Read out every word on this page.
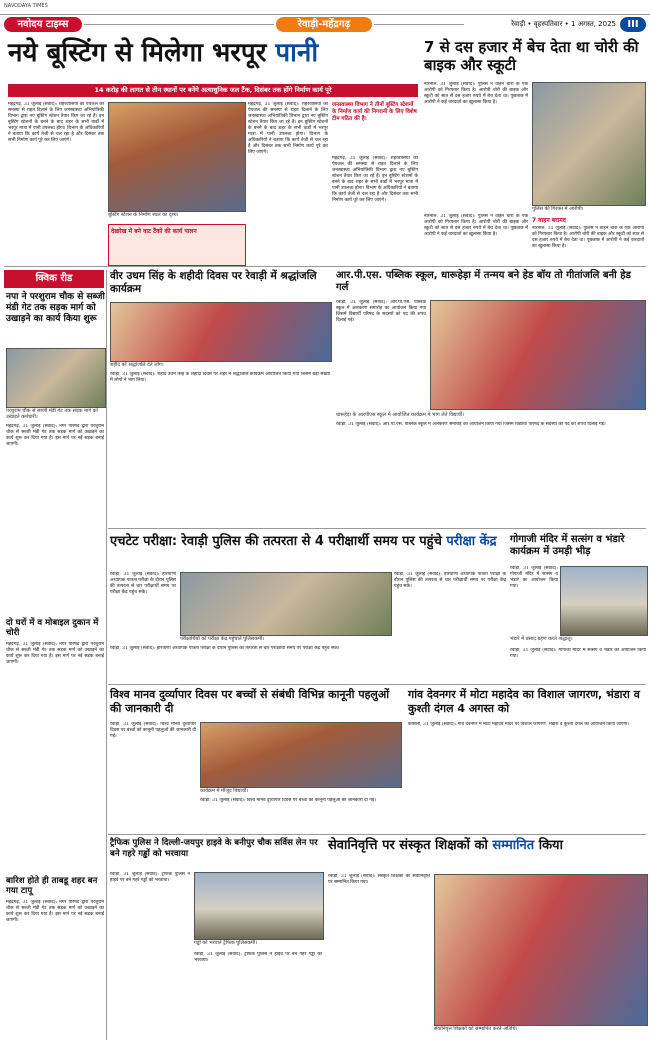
NAVODAYA TIMES
नवोदय टाइम्स	रेवाड़ी-महेंद्रगढ़	रेवाड़ी • वृहस्पतिवार • 1 अगस्त, 2025	III
नये बूस्टिंग से मिलेगा भरपूर पानी
14 करोड़ की लागत से तीन स्थानों पर बनेंगे अत्याधुनिक जल टैंक, दिसंबर तक होंगे निर्माण कार्य पूरे
महेंद्रगढ़, 31 जुलाई (संवाद): शहरवासियों को पेयजल की समस्या से राहत दिलाने के लिए जनस्वास्थ्य अभियांत्रिकी विभाग द्वारा नए बूस्टिंग स्टेशन तैयार किए जा रहे हैं। इन बूस्टिंग स्टेशनों के बनने के बाद शहर के सभी वार्डों में भरपूर मात्रा में पानी उपलब्ध होगा। विभाग के अधिकारियों ने बताया कि कार्य तेजी से चल रहा है और दिसंबर तक सभी निर्माण कार्य पूरे कर लिए जाएंगे।
बूस्टिंग स्टेशन के निर्माण स्थल का दृश्य।
देखरेख में बने वाट टैंकों की कार्य पालन
महेंद्रगढ़, 31 जुलाई (संवाद): शहरवासियों को पेयजल की समस्या से राहत दिलाने के लिए जनस्वास्थ्य अभियांत्रिकी विभाग द्वारा नए बूस्टिंग स्टेशन तैयार किए जा रहे हैं। इन बूस्टिंग स्टेशनों के बनने के बाद शहर के सभी वार्डों में भरपूर मात्रा में पानी उपलब्ध होगा। विभाग के अधिकारियों ने बताया कि कार्य तेजी से चल रहा है और दिसंबर तक सभी निर्माण कार्य पूरे कर लिए जाएंगे।
जनस्वास्थ्य विभाग ने तीनों बूस्टिंग स्टेशनों के निर्माण कार्य की निगरानी के लिए विशेष टीम गठित की है।
महेंद्रगढ़, 31 जुलाई (संवाद): शहरवासियों को पेयजल की समस्या से राहत दिलाने के लिए जनस्वास्थ्य अभियांत्रिकी विभाग द्वारा नए बूस्टिंग स्टेशन तैयार किए जा रहे हैं। इन बूस्टिंग स्टेशनों के बनने के बाद शहर के सभी वार्डों में भरपूर मात्रा में पानी उपलब्ध होगा। विभाग के अधिकारियों ने बताया कि कार्य तेजी से चल रहा है और दिसंबर तक सभी निर्माण कार्य पूरे कर लिए जाएंगे।
7 से दस हजार में बेच देता था चोरी की बाइक और स्कूटी
नारनौल, 31 जुलाई (संवाद): पुलिस ने वाहन चोरी के एक आरोपी को गिरफ्तार किया है। आरोपी चोरी की बाइक और स्कूटी को सात से दस हजार रुपये में बेच देता था। पूछताछ में आरोपी ने कई वारदातों का खुलासा किया है।
पुलिस की गिरफ्त में आरोपी।
नारनौल, 31 जुलाई (संवाद): पुलिस ने वाहन चोरी के एक आरोपी को गिरफ्तार किया है। आरोपी चोरी की बाइक और स्कूटी को सात से दस हजार रुपये में बेच देता था। पूछताछ में आरोपी ने कई वारदातों का खुलासा किया है।
7 वाहन बरामद
नारनौल, 31 जुलाई (संवाद): पुलिस ने वाहन चोरी के एक आरोपी को गिरफ्तार किया है। आरोपी चोरी की बाइक और स्कूटी को सात से दस हजार रुपये में बेच देता था। पूछताछ में आरोपी ने कई वारदातों का खुलासा किया है।
क्विक रीड
नपा ने परशुराम चौक से सब्जी मंडी गेट तक सड़क मार्ग को उखाड़ने का कार्य किया शुरू
परशुराम चौक से सब्जी मंडी गेट तक सड़क मार्ग को उखाड़ते कर्मचारी।
महेंद्रगढ़, 31 जुलाई (संवाद): नगर परिषद द्वारा परशुराम चौक से सब्जी मंडी गेट तक सड़क मार्ग को उखाड़ने का कार्य शुरू कर दिया गया है। इस मार्ग पर नई सड़क बनाई जाएगी।
दो घरों में व मोबाइल दुकान में चोरी
महेंद्रगढ़, 31 जुलाई (संवाद): नगर परिषद द्वारा परशुराम चौक से सब्जी मंडी गेट तक सड़क मार्ग को उखाड़ने का कार्य शुरू कर दिया गया है। इस मार्ग पर नई सड़क बनाई जाएगी।
बारिश होते ही ताबडू शहर बन गया टापू
महेंद्रगढ़, 31 जुलाई (संवाद): नगर परिषद द्वारा परशुराम चौक से सब्जी मंडी गेट तक सड़क मार्ग को उखाड़ने का कार्य शुरू कर दिया गया है। इस मार्ग पर नई सड़क बनाई जाएगी।
वीर उधम सिंह के शहीदी दिवस पर रेवाड़ी में श्रद्धांजलि कार्यक्रम
शहीद को श्रद्धांजलि देते लोग।
रेवाड़ी, 31 जुलाई (संवाद): शहीद उधम सिंह के शहीदी दिवस पर शहर में श्रद्धांजलि कार्यक्रम आयोजित किया गया जिसमें बड़ी संख्या में लोगों ने भाग लिया।
आर.पी.एस. पब्लिक स्कूल, धारूहेड़ा में तन्मय बने हेड बॉय तो गीतांजलि बनी हेड गर्ल
रेवाड़ी, 31 जुलाई (संवाद): आर.पी.एस. पब्लिक स्कूल में अलंकरण समारोह का आयोजन किया गया जिसमें विद्यार्थी परिषद के सदस्यों को पद की शपथ दिलाई गई।
धारूहेड़ा के आरपीएस स्कूल में आयोजित कार्यक्रम में भाग लेते विद्यार्थी।
रेवाड़ी, 31 जुलाई (संवाद): आर.पी.एस. पब्लिक स्कूल में अलंकरण समारोह का आयोजन किया गया जिसमें विद्यार्थी परिषद के सदस्यों को पद की शपथ दिलाई गई।
एचटेट परीक्षा: रेवाड़ी पुलिस की तत्परता से 4 परीक्षार्थी समय पर पहुंचे परीक्षा केंद्र
रेवाड़ी, 31 जुलाई (संवाद): हरियाणा अध्यापक पात्रता परीक्षा के दौरान पुलिस की तत्परता से चार परीक्षार्थी समय पर परीक्षा केंद्र पहुंच सके।
परीक्षार्थियों को परीक्षा केंद्र पहुंचाते पुलिसकर्मी।
रेवाड़ी, 31 जुलाई (संवाद): हरियाणा अध्यापक पात्रता परीक्षा के दौरान पुलिस की तत्परता से चार परीक्षार्थी समय पर परीक्षा केंद्र पहुंच सके।
रेवाड़ी, 31 जुलाई (संवाद): हरियाणा अध्यापक पात्रता परीक्षा के दौरान पुलिस की तत्परता से चार परीक्षार्थी समय पर परीक्षा केंद्र पहुंच सके।
गोगाजी मंदिर में सत्संग व भंडारे कार्यक्रम में उमड़ी भीड़
रेवाड़ी, 31 जुलाई (संवाद): गोगाजी मंदिर में सत्संग व भंडारे का आयोजन किया गया।
भंडारे में प्रसाद ग्रहण करते श्रद्धालु।
रेवाड़ी, 31 जुलाई (संवाद): गोगाजी मंदिर में सत्संग व भंडारे का आयोजन किया गया।
विश्व मानव दुर्व्यापार दिवस पर बच्चों से संबंधी विभिन्न कानूनी पहलुओं की जानकारी दी
रेवाड़ी, 31 जुलाई (संवाद): विश्व मानव दुर्व्यापार दिवस पर बच्चों को कानूनी पहलुओं की जानकारी दी गई।
कार्यक्रम में मौजूद विद्यार्थी।
रेवाड़ी, 31 जुलाई (संवाद): विश्व मानव दुर्व्यापार दिवस पर बच्चों को कानूनी पहलुओं की जानकारी दी गई।
गांव देवनगर में मोटा महादेव का विशाल जागरण, भंडारा व कुश्ती दंगल 4 अगस्त को
कोसली, 31 जुलाई (संवाद): गांव देवनगर में मोटा महादेव मंदिर पर विशाल जागरण, भंडारा व कुश्ती दंगल का आयोजन किया जाएगा।
ट्रैफिक पुलिस ने दिल्ली-जयपुर हाइवे के बनीपुर चौक सर्विस लेन पर बने गहरे गड्ढों को भरवाया
रेवाड़ी, 31 जुलाई (संवाद): ट्रैफिक पुलिस ने हाइवे पर बने गहरे गड्ढों को भरवाया।
गड्ढों को भरवाते ट्रैफिक पुलिसकर्मी।
रेवाड़ी, 31 जुलाई (संवाद): ट्रैफिक पुलिस ने हाइवे पर बने गहरे गड्ढों को भरवाया।
सेवानिवृत्ति पर संस्कृत शिक्षकों को सम्मानित किया
रेवाड़ी, 31 जुलाई (संवाद): संस्कृत शिक्षकों को सेवानिवृत्ति पर सम्मानित किया गया।
सेवानिवृत्त शिक्षकों को सम्मानित करते अतिथि।
